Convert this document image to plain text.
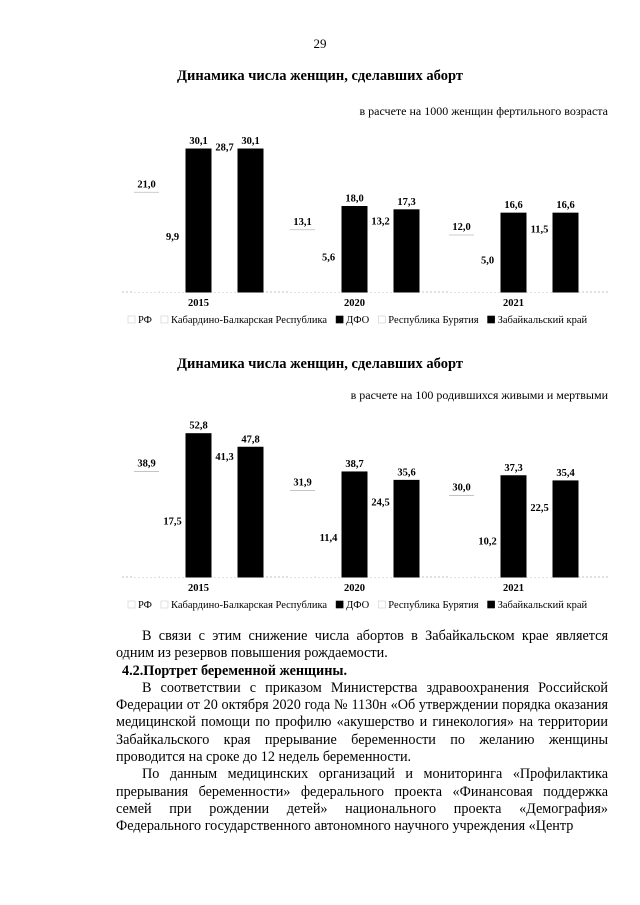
29
Динамика числа женщин, сделавших аборт
в расчете на 1000 женщин фертильного возраста
21,0
9,9
30,1
28,7
30,1
2015
13,1
5,6
18,0
13,2
17,3
2020
12,0
5,0
16,6
11,5
16,6
2021
РФ Кабардино-Балкарская Республика ДФО Республика Бурятия Забайкальский край
Динамика числа женщин, сделавших аборт
в расчете на 100 родившихся живыми и мертвыми
38,9
17,5
52,8
41,3
47,8
2015
31,9
11,4
38,7
24,5
35,6
2020
30,0
10,2
37,3
22,5
35,4
2021
РФ Кабардино-Балкарская Республика ДФО Республика Бурятия Забайкальский край

В связи с этим снижение числа абортов в Забайкальском крае является одним из резервов повышения рождаемости.

4.2.Портрет беременной женщины.

В соответствии с приказом Министерства здравоохранения Российской Федерации от 20 октября 2020 года № 1130н «Об утверждении порядка оказания медицинской помощи по профилю «акушерство и гинекология» на территории Забайкальского края прерывание беременности по желанию женщины проводится на сроке до 12 недель беременности.

По данным медицинских организаций и мониторинга «Профилактика прерывания беременности» федерального проекта «Финансовая поддержка семей при рождении детей» национального проекта «Демография» Федерального государственного автономного научного учреждения «Центр
